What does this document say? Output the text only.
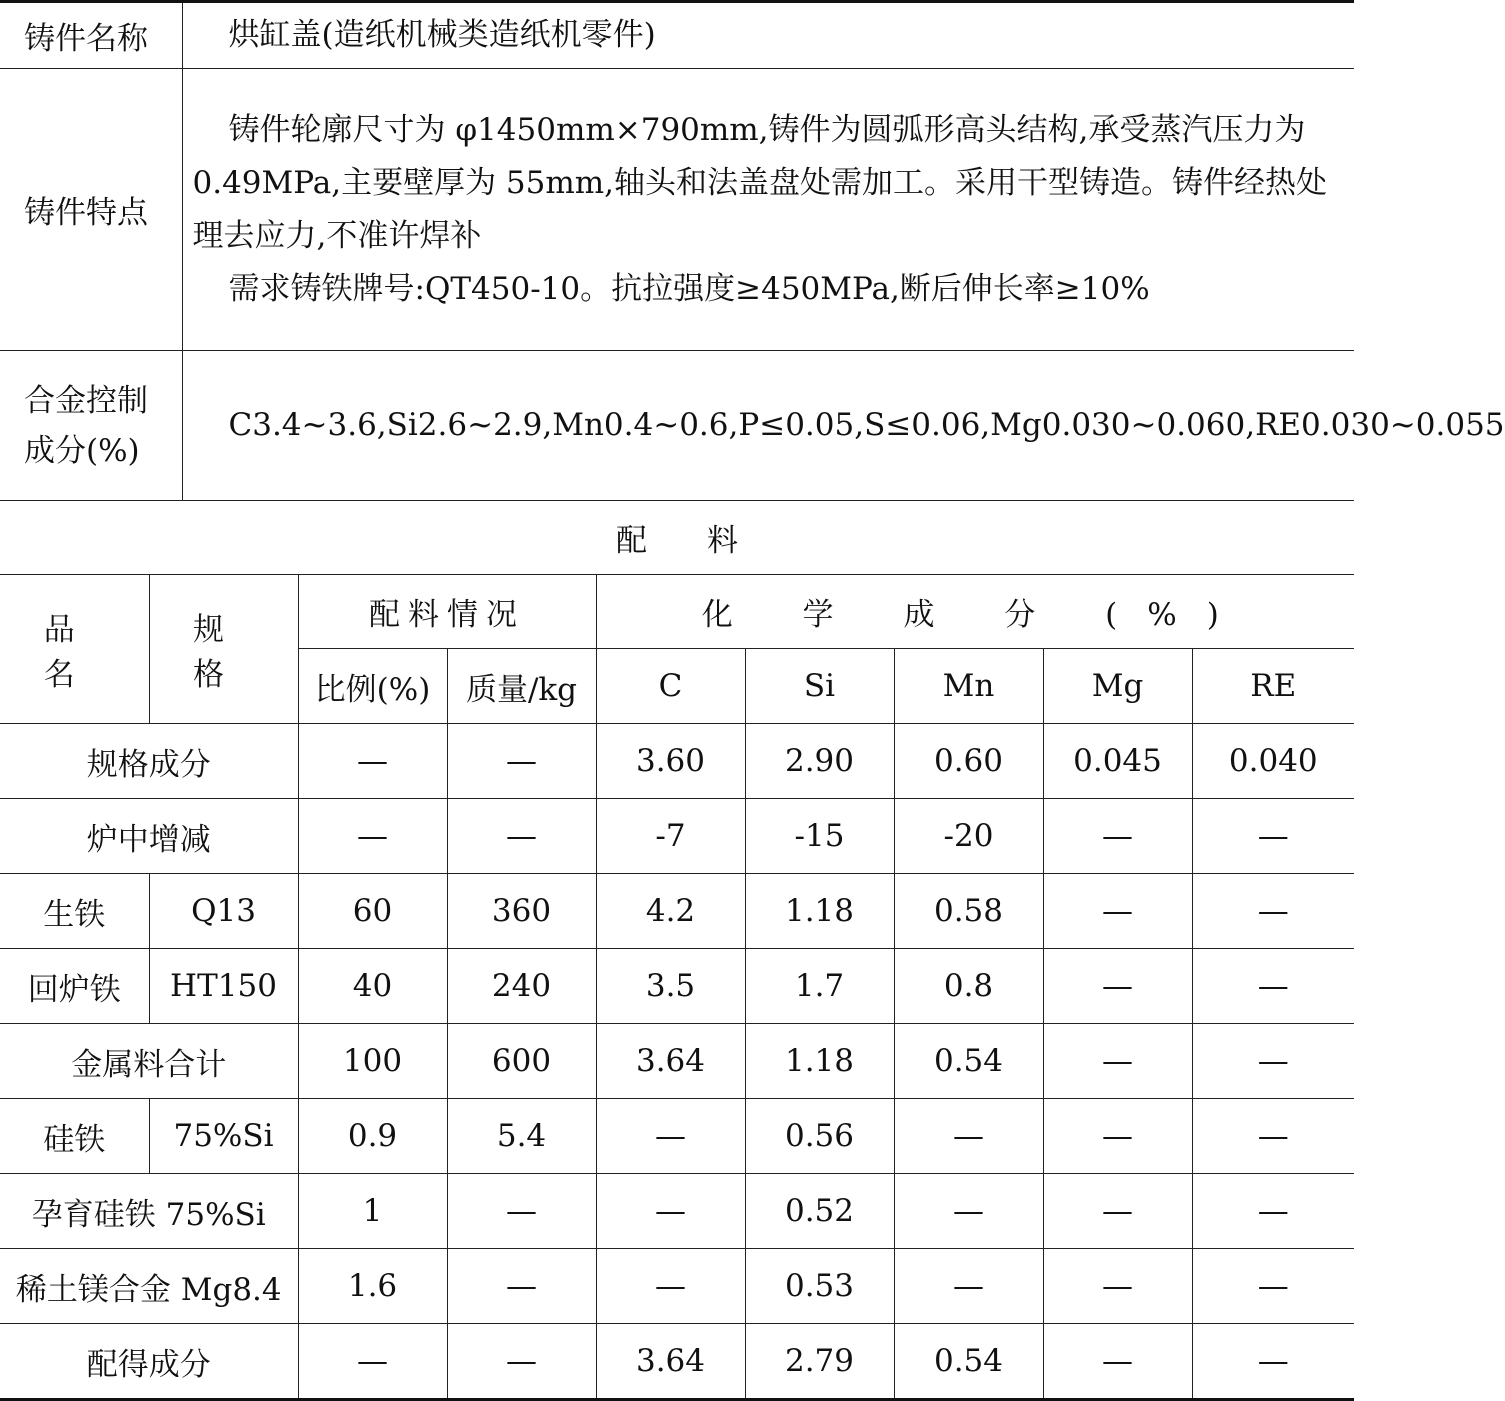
铸件名称	烘缸盖(造纸机械类造纸机零件)
铸件特点	铸件轮廓尺寸为 φ1450mm×790mm,铸件为圆弧形高头结构,承受蒸汽压力为 0.49MPa,主要壁厚为 55mm,轴头和法盖盘处需加工。采用干型铸造。铸件经热处理去应力,不准许焊补
需求铸铁牌号:QT450-10。抗拉强度≥450MPa,断后伸长率≥10%

合金控制
成分(%)	C3.4~3.6,Si2.6~2.9,Mn0.4~0.6,P≤0.05,S≤0.06,Mg0.030~0.060,RE0.030~0.055
配 料
品 名	规 格	配料情况		化 学 成 分 (%)				
		比例(%)	质量/kg	C	Si	Mn	Mg	RE
规格成分		—	—	3.60	2.90	0.60	0.045	0.040
炉中增减		—	—	-7	-15	-20	—	—
生铁	Q13	60	360	4.2	1.18	0.58	—	—
回炉铁	HT150	40	240	3.5	1.7	0.8	—	—
金属料合计		100	600	3.64	1.18	0.54	—	—
硅铁	75%Si	0.9	5.4	—	0.56	—	—	—
孕育硅铁 75%Si		1	—	—	0.52	—	—	—
稀土镁合金 Mg8.4		1.6	—	—	0.53	—	—	—
配得成分		—	—	3.64	2.79	0.54	—	—
